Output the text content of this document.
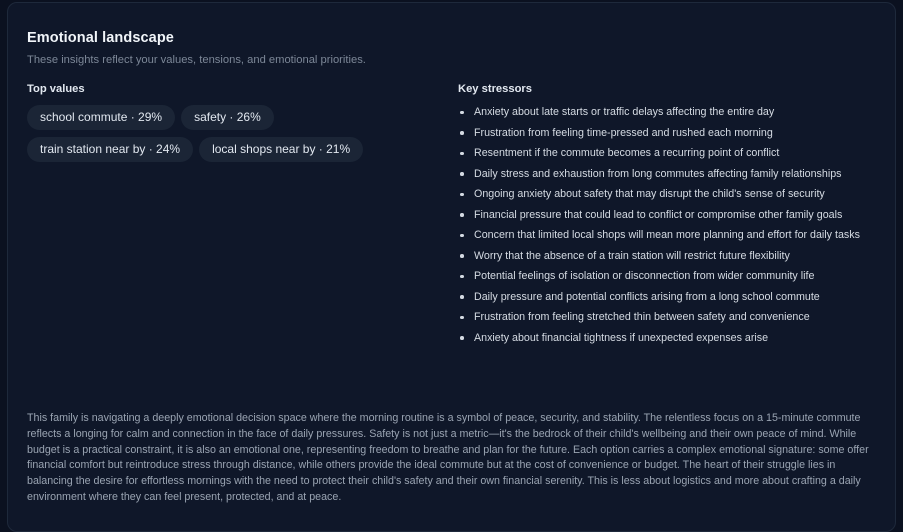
Emotional landscape
These insights reflect your values, tensions, and emotional priorities.
Top values
school commute · 29%	safety · 26%
train station near by · 24%	local shops near by · 21%
Key stressors
Anxiety about late starts or traffic delays affecting the entire day
Frustration from feeling time-pressed and rushed each morning
Resentment if the commute becomes a recurring point of conflict
Daily stress and exhaustion from long commutes affecting family relationships
Ongoing anxiety about safety that may disrupt the child's sense of security
Financial pressure that could lead to conflict or compromise other family goals
Concern that limited local shops will mean more planning and effort for daily tasks
Worry that the absence of a train station will restrict future flexibility
Potential feelings of isolation or disconnection from wider community life
Daily pressure and potential conflicts arising from a long school commute
Frustration from feeling stretched thin between safety and convenience
Anxiety about financial tightness if unexpected expenses arise

This family is navigating a deeply emotional decision space where the morning routine is a symbol of peace, security, and stability. The relentless focus on a 15-minute commute reflects a longing for calm and connection in the face of daily pressures. Safety is not just a metric—it's the bedrock of their child's wellbeing and their own peace of mind. While budget is a practical constraint, it is also an emotional one, representing freedom to breathe and plan for the future. Each option carries a complex emotional signature: some offer financial comfort but reintroduce stress through distance, while others provide the ideal commute but at the cost of convenience or budget. The heart of their struggle lies in balancing the desire for effortless mornings with the need to protect their child's safety and their own financial serenity. This is less about logistics and more about crafting a daily environment where they can feel present, protected, and at peace.
